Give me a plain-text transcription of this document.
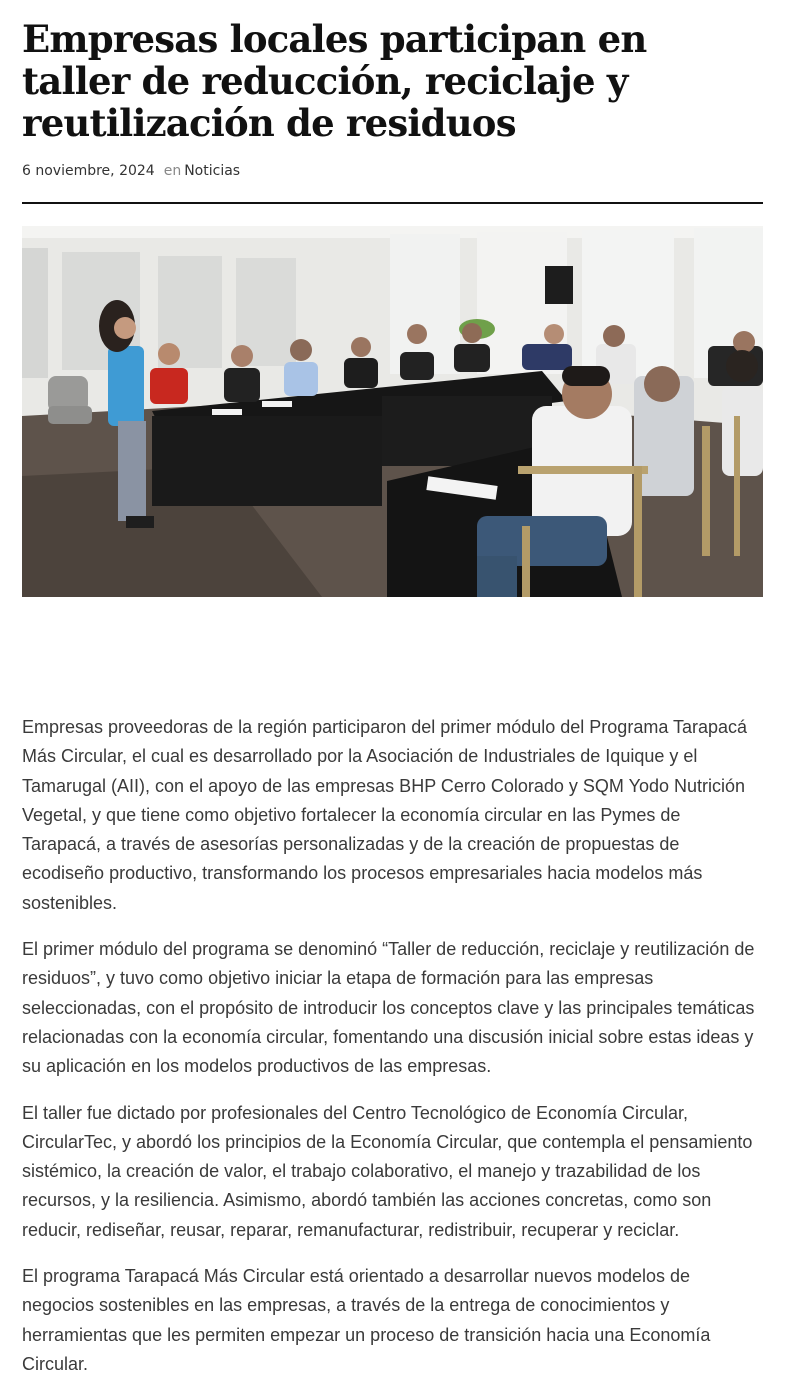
Empresas locales participan en taller de reducción, reciclaje y reutilización de residuos
6 noviembre, 2024 en Noticias

Empresas proveedoras de la región participaron del primer módulo del Programa Tarapacá Más Circular, el cual es desarrollado por la Asociación de Industriales de Iquique y el Tamarugal (AII), con el apoyo de las empresas BHP Cerro Colorado y SQM Yodo Nutrición Vegetal, y que tiene como objetivo fortalecer la economía circular en las Pymes de Tarapacá, a través de asesorías personalizadas y de la creación de propuestas de ecodiseño productivo, transformando los procesos empresariales hacia modelos más sostenibles.

El primer módulo del programa se denominó “Taller de reducción, reciclaje y reutilización de residuos”, y tuvo como objetivo iniciar la etapa de formación para las empresas seleccionadas, con el propósito de introducir los conceptos clave y las principales temáticas relacionadas con la economía circular, fomentando una discusión inicial sobre estas ideas y su aplicación en los modelos productivos de las empresas.

El taller fue dictado por profesionales del Centro Tecnológico de Economía Circular, CircularTec, y abordó los principios de la Economía Circular, que contempla el pensamiento sistémico, la creación de valor, el trabajo colaborativo, el manejo y trazabilidad de los recursos, y la resiliencia. Asimismo, abordó también las acciones concretas, como son reducir, rediseñar, reusar, reparar, remanufacturar, redistribuir, recuperar y reciclar.

El programa Tarapacá Más Circular está orientado a desarrollar nuevos modelos de negocios sostenibles en las empresas, a través de la entrega de conocimientos y herramientas que les permiten empezar un proceso de transición hacia una Economía Circular.
